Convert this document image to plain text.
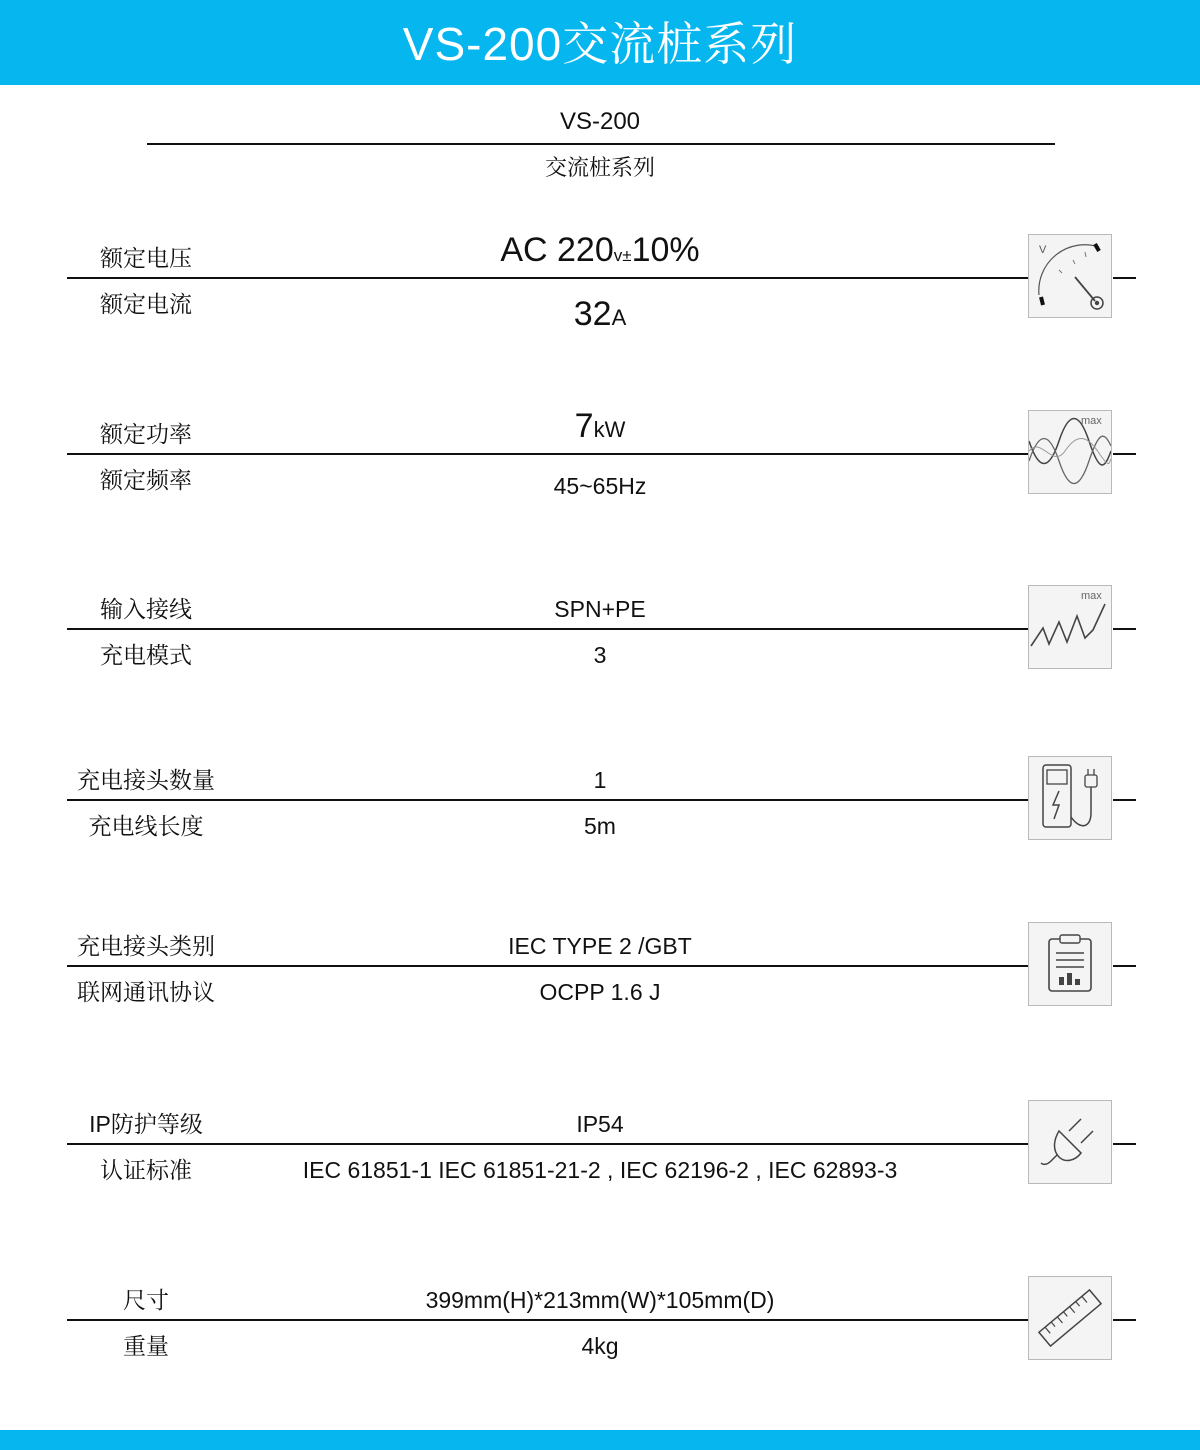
VS-200交流桩系列
VS-200
交流桩系列
额定电压	AC 220v±10%
额定电流	32A
V
额定功率	7kW
额定频率	45~65Hz
max
输入接线	SPN+PE
充电模式	3
max
充电接头数量	1
充电线长度	5m
充电接头类别	IEC TYPE 2 /GBT
联网通讯协议	OCPP 1.6 J
IP防护等级	IP54
认证标准	IEC 61851-1 IEC 61851-21-2 , IEC 62196-2 , IEC 62893-3
尺寸	399mm(H)*213mm(W)*105mm(D)
重量	4kg
